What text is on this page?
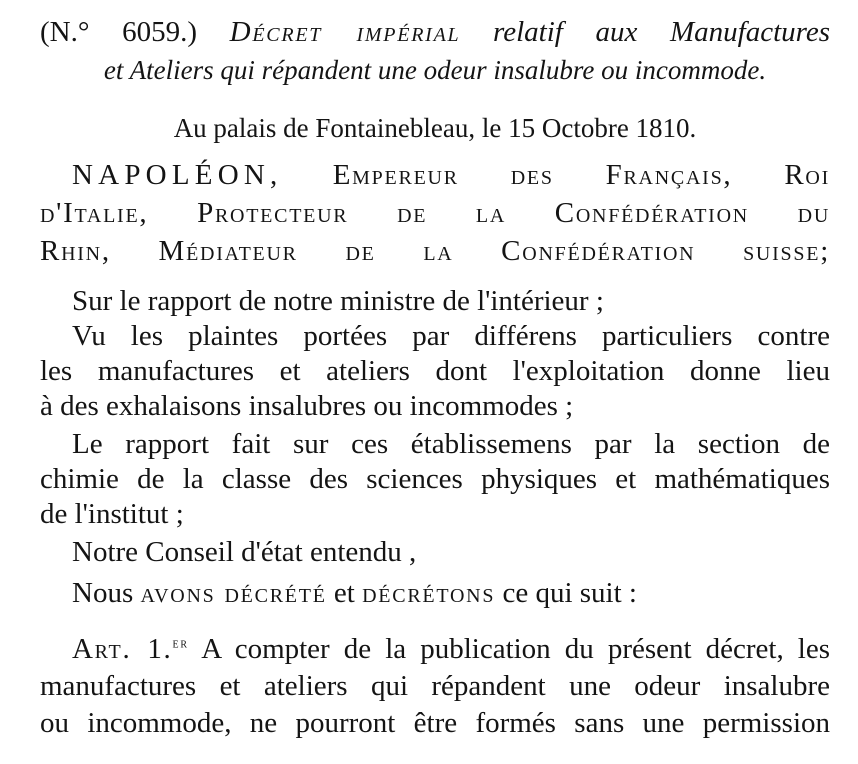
(N.° 6059.) Décret impérial relatif aux Manufactures
et Ateliers qui répandent une odeur insalubre ou incommode.
Au palais de Fontainebleau, le 15 Octobre 1810.
NAPOLÉON, Empereur des Français, Roi
d'Italie, Protecteur de la Confédération du
Rhin, Médiateur de la Confédération suisse;
Sur le rapport de notre ministre de l'intérieur ;
Vu les plaintes portées par différens particuliers contre
les manufactures et ateliers dont l'exploitation donne lieu
à des exhalaisons insalubres ou incommodes ;
Le rapport fait sur ces établissemens par la section de
chimie de la classe des sciences physiques et mathématiques
de l'institut ;
Notre Conseil d'état entendu ,
Nous avons décrété et décrétons ce qui suit :
Art. 1.$^{er}$ A compter de la publication du présent décret, les
manufactures et ateliers qui répandent une odeur insalubre
ou incommode, ne pourront être formés sans une permission
